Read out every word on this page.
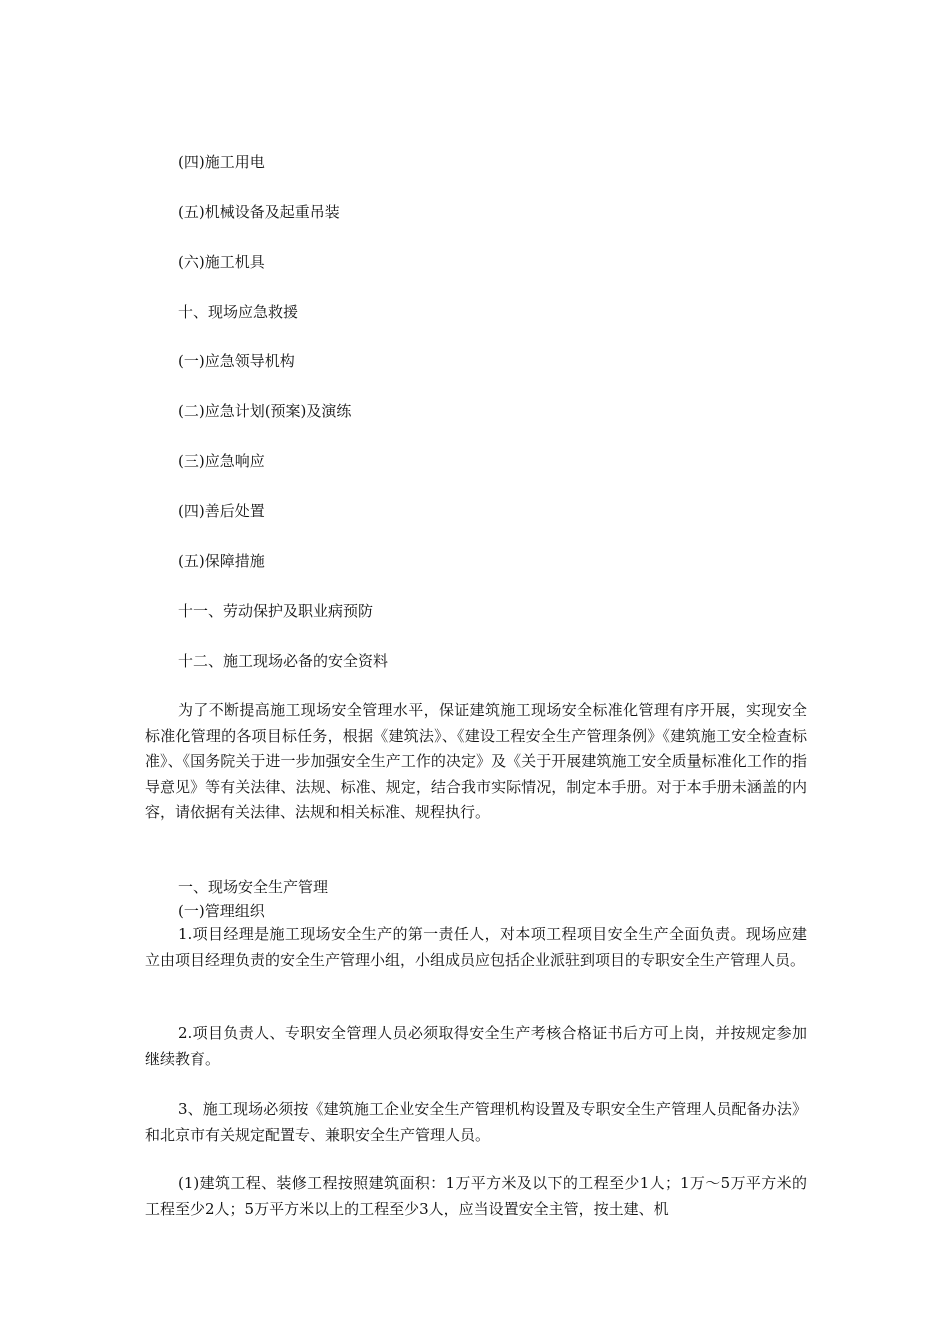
(四)施工用电
(五)机械设备及起重吊装
(六)施工机具
十、现场应急救援
(一)应急领导机构
(二)应急计划(预案)及演练
(三)应急响应
(四)善后处置
(五)保障措施
十一、劳动保护及职业病预防
十二、施工现场必备的安全资料
为了不断提高施工现场安全管理水平，保证建筑施工现场安全标准化管理有序开展，实现安全标准化管理的各项目标任务，根据《建筑法》、《建设工程安全生产管理条例》《建筑施工安全检查标准》、《国务院关于进一步加强安全生产工作的决定》及《关于开展建筑施工安全质量标准化工作的指导意见》等有关法律、法规、标准、规定，结合我市实际情况，制定本手册。对于本手册未涵盖的内容，请依据有关法律、法规和相关标准、规程执行。
一、现场安全生产管理
(一)管理组织
1.项目经理是施工现场安全生产的第一责任人，对本项工程项目安全生产全面负责。现场应建立由项目经理负责的安全生产管理小组，小组成员应包括企业派驻到项目的专职安全生产管理人员。
2.项目负责人、专职安全管理人员必须取得安全生产考核合格证书后方可上岗，并按规定参加继续教育。
3、施工现场必须按《建筑施工企业安全生产管理机构设置及专职安全生产管理人员配备办法》和北京市有关规定配置专、兼职安全生产管理人员。
(1)建筑工程、装修工程按照建筑面积：1万平方米及以下的工程至少1人；1万～5万平方米的工程至少2人；5万平方米以上的工程至少3人，应当设置安全主管，按土建、机
